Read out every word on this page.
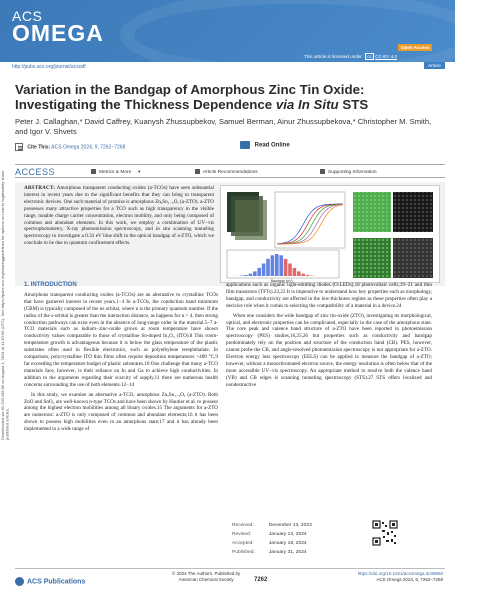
ACS
OMEGA
Open Access
This article is licensed under cc CC-BY 4.0
http://pubs.acs.org/journal/acsodf	Article
Downloaded via 82.200.168.86 on August 1, 2024 at 11:19:56 (UTC). See https://pubs.acs.org/sharingguidelines for options on how to legitimately share published articles.
Variation in the Bandgap of Amorphous Zinc Tin Oxide:
Investigating the Thickness Dependence via In Situ STS
Peter J. Callaghan,* David Caffrey, Kuanysh Zhussupbekov, Samuel Berman, Ainur Zhussupbekova,* Christopher M. Smith, and Igor V. Shvets
Cite This: ACS Omega 2024, 9, 7262−7268	Read Online
ACCESS	Metrics & More ▼	Article Recommendations	Supporting Information
ABSTRACT: Amorphous transparent conducting oxides (a-TCOs) have seen substantial interest in recent years due to the significant benefits that they can bring to transparent electronic devices. One such material of promise is amorphous ZnₓSn₁₋ₓOᵧ (a-ZTO). a-ZTO possesses many attractive properties for a TCO such as high transparency in the visible range, tunable charge carrier concentration, electron mobility, and only being composed of common and abundant elements. In this work, we employ a combination of UV−vis spectrophotometry, X-ray photoemission spectroscopy, and in situ scanning tunneling spectroscopy to investigate a 0.33 eV blue shift in the optical bandgap of a-ZTO, which we conclude to be due to quantum confinement effects.
Bandgap (eV)
1. INTRODUCTION

Amorphous transparent conducting oxides (a-TCOs) are an alternative to crystalline TCOs that have garnered interest in recent years.1−4 In a-TCOs, the conduction band minimum (CBM) is typically composed of the ns orbital, where n is the primary quantum number. If the radius of the s-orbital is greater than the interaction distance, as happens for n > 4, then strong conduction pathways can exist even in the absence of long-range order in the material.5–7 a-TCO materials such as indium−zinc-oxide grown at room temperature have shown conductivity values comparable to those of crystalline Sn-doped In₂O₃ (ITO).8 This room-temperature growth is advantageous because it is below the glass temperature of the plastic substrates often used in flexible electronics, such as polyethylene terephthalate. In comparison, polycrystalline ITO thin films often require deposition temperatures >400 °C,9 far exceeding the temperature budget of plastic substrates.10 One challenge that many a-TCO materials face, however, is their reliance on In and Ga to achieve high conductivities. In addition to the arguments regarding their scarcity of supply,11 there are numerous health concerns surrounding the use of both elements.12−14

In this study, we examine an alternative a-TCO, amorphous ZnₓSn₁₋ₓOᵧ (a-ZTO). Both ZnO and SnO₂ are well-known n-type TCOs and have been shown by Hautier et al. to possess among the highest electron mobilities among all binary oxides.15 The arguments for a-ZTO are numerous: a-ZTO is only composed of common and abundant elements;16 it has been shown to possess high mobilities even in an amorphous state;17 and it has already been implemented in a wide range of

applications such as organic light-emitting diodes (O-LEDs),18 photovoltaic cells,19−21 and thin film transistors (TFTs).22,23 It is imperative to understand how key properties such as morphology, bandgap, and conductivity are affected in the low-thickness regime as these properties often play a decisive role when it comes to selecting the compatibility of a material in a device.24

When one considers the wide bandgap of zinc tin-oxide (ZTO), investigating its morphological, optical, and electronic properties can be complicated, especially in the case of the amorphous state. The core peak and valence band structure of a-ZTO have been reported in photoemission spectroscopy (PES) studies,16,25,26 but properties such as conductivity and bandgap predominately rely on the position and structure of the conduction band (CB). PES, however, cannot probe the CB, and angle-resolved photoemission spectroscopy is not appropriate for a-ZTO. Electron energy loss spectroscopy (EELS) can be applied to measure the bandgap of a-ZTO; however, without a monochromated electron source, the energy resolution is often below that of the more accessible UV−vis spectroscopy. An appropriate method to resolve both the valence band (VB) and CB edges is scanning tunneling spectroscopy (STS).27 STS offers localized and nondestructive

Received:	December 13, 2023
Revised:	January 13, 2024
Accepted:	January 18, 2024
Published:	January 31, 2024
ACS Publications
© 2024 The Authors. Published by
American Chemical Society	7262
https://doi.org/10.1021/acsomega.3c09960
ACS Omega 2024, 9, 7262−7268
